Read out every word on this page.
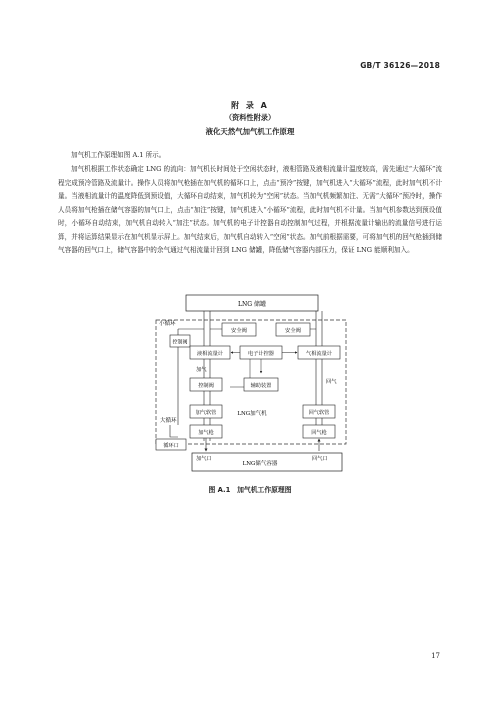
GB/T 36126—2018
附 录 A
（资料性附录）
液化天然气加气机工作原理

加气机工作原理如图 A.1 所示。

加气机根据工作状态确定 LNG 的流向：加气机长时间处于空闲状态时，液相管路及液相流量计温度较高，需先通过“大循环”流程完成预冷管路及流量计。操作人员将加气枪插在加气机的循环口上，点击“预冷”按键，加气机进入“大循环”流程，此时加气机不计量。当液相流量计的温度降低到预设值，大循环自动结束，加气机转为“空闲”状态。当加气机频繁加注、无需“大循环”预冷时，操作人员将加气枪插在储气容器的加气口上，点击“加注”按键，加气机进入“小循环”流程，此时加气机不计量。当加气机参数达到预设值时，小循环自动结束，加气机自动转入“加注”状态。加气机的电子计控器自动控制加气过程，并根据流量计输出的流量信号进行运算，并将运算结果显示在加气机显示屏上。加气结束后，加气机自动转入“空闲”状态。加气前根据需要，可将加气机的回气枪插到储气容器的回气口上，储气容器中的余气通过气相流量计回到 LNG 储罐，降低储气容器内部压力，保证 LNG 能顺利加入。

LNG 储罐
小循环
控制阀
安全阀	安全阀
液相流量计	电子计控器	气相流量计
加气
回气
控制阀	辅助装置
加气软管	LNG加气机	回气软管
大循环
加气枪	回气枪
循环口
加气口
LNG储气容器
回气口
图 A.1　加气机工作原理图
17
